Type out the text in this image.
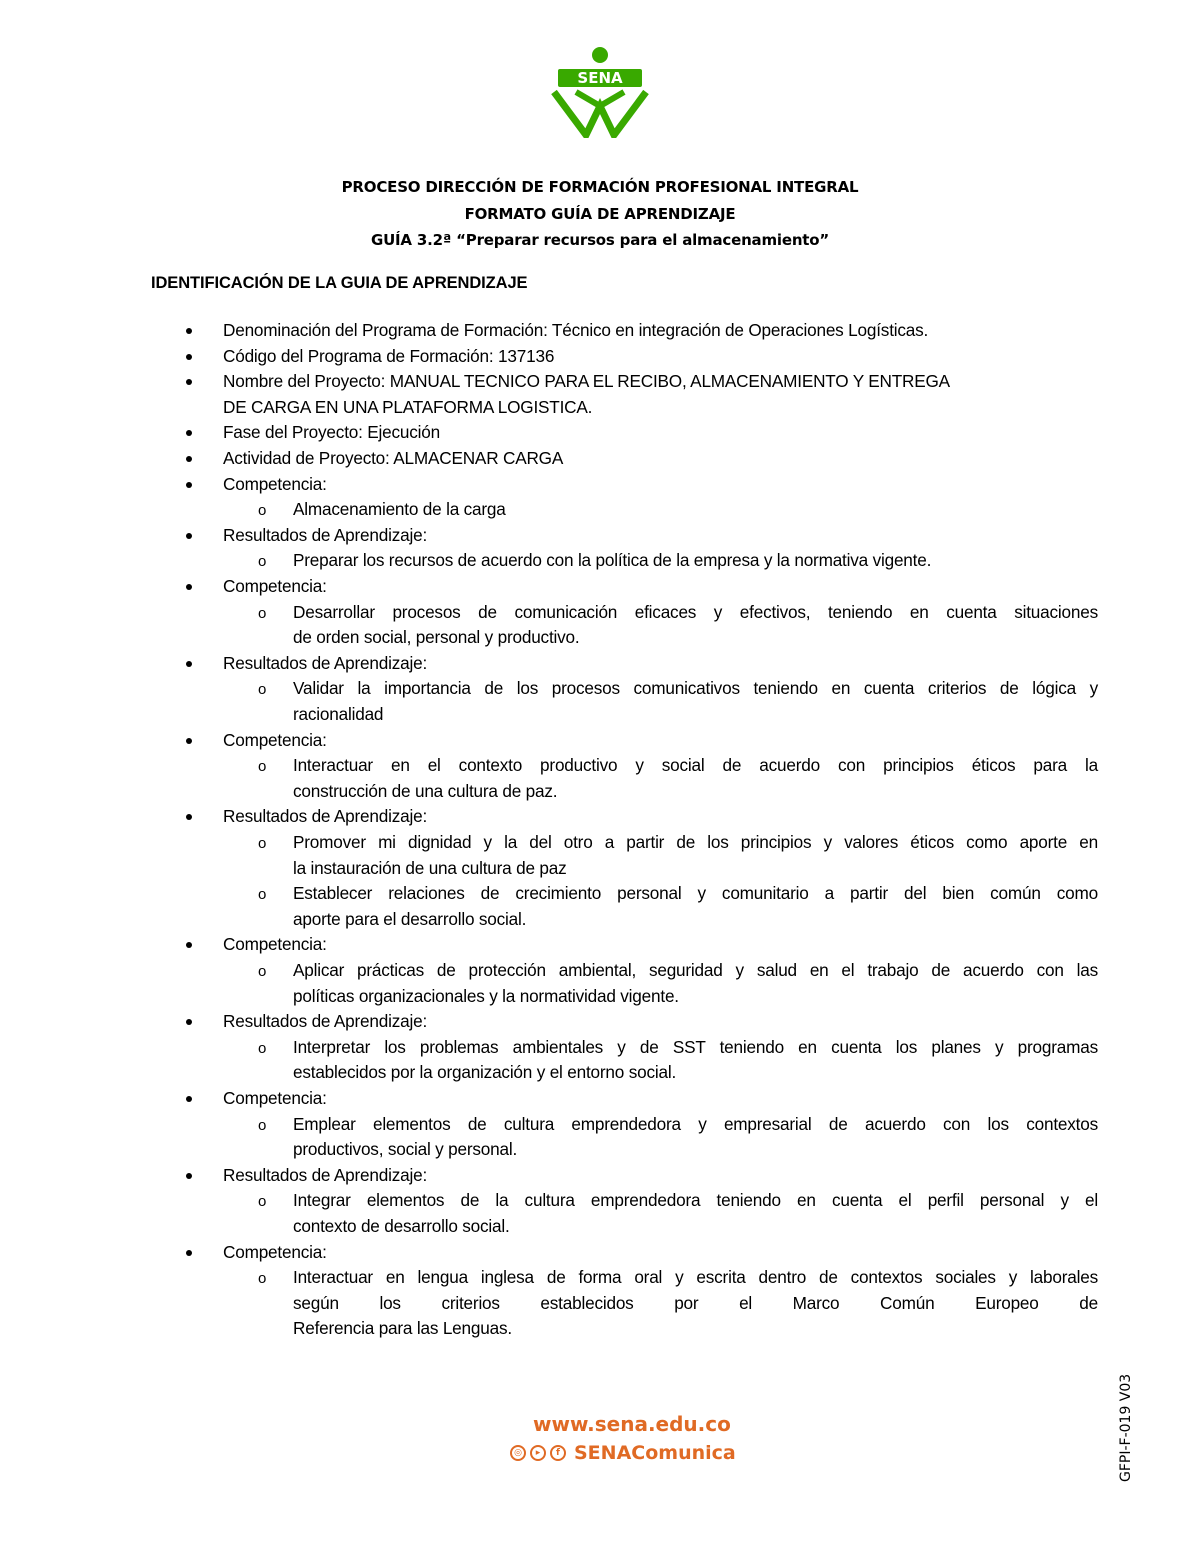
SENA
PROCESO DIRECCIÓN DE FORMACIÓN PROFESIONAL INTEGRAL
FORMATO GUÍA DE APRENDIZAJE
GUÍA 3.2ª “Preparar recursos para el almacenamiento”
IDENTIFICACIÓN DE LA GUIA DE APRENDIZAJE
Denominación del Programa de Formación: Técnico en integración de Operaciones Logísticas.
Código del Programa de Formación: 137136
Nombre del Proyecto: MANUAL TECNICO PARA EL RECIBO, ALMACENAMIENTO Y ENTREGA
DE CARGA EN UNA PLATAFORMA LOGISTICA.
Fase del Proyecto: Ejecución
Actividad de Proyecto: ALMACENAR CARGA
Competencia:
o Almacenamiento de la carga
Resultados de Aprendizaje:
o Preparar los recursos de acuerdo con la política de la empresa y la normativa vigente.
Competencia:
o Desarrollar procesos de comunicación eficaces y efectivos, teniendo en cuenta situaciones
de orden social, personal y productivo.
Resultados de Aprendizaje:
o Validar la importancia de los procesos comunicativos teniendo en cuenta criterios de lógica y
racionalidad
Competencia:
o Interactuar en el contexto productivo y social de acuerdo con principios éticos para la
construcción de una cultura de paz.
Resultados de Aprendizaje:
o Promover mi dignidad y la del otro a partir de los principios y valores éticos como aporte en
la instauración de una cultura de paz
o Establecer relaciones de crecimiento personal y comunitario a partir del bien común como
aporte para el desarrollo social.
Competencia:
o Aplicar prácticas de protección ambiental, seguridad y salud en el trabajo de acuerdo con las
políticas organizacionales y la normatividad vigente.
Resultados de Aprendizaje:
o Interpretar los problemas ambientales y de SST teniendo en cuenta los planes y programas
establecidos por la organización y el entorno social.
Competencia:
o Emplear elementos de cultura emprendedora y empresarial de acuerdo con los contextos
productivos, social y personal.
Resultados de Aprendizaje:
o Integrar elementos de la cultura emprendedora teniendo en cuenta el perfil personal y el
contexto de desarrollo social.
Competencia:
o Interactuar en lengua inglesa de forma oral y escrita dentro de contextos sociales y laborales
según los criterios establecidos por el Marco Común Europeo de
Referencia para las Lenguas.
www.sena.edu.co
◎	▸	f SENAComunica	GFPI-F-019 V03
